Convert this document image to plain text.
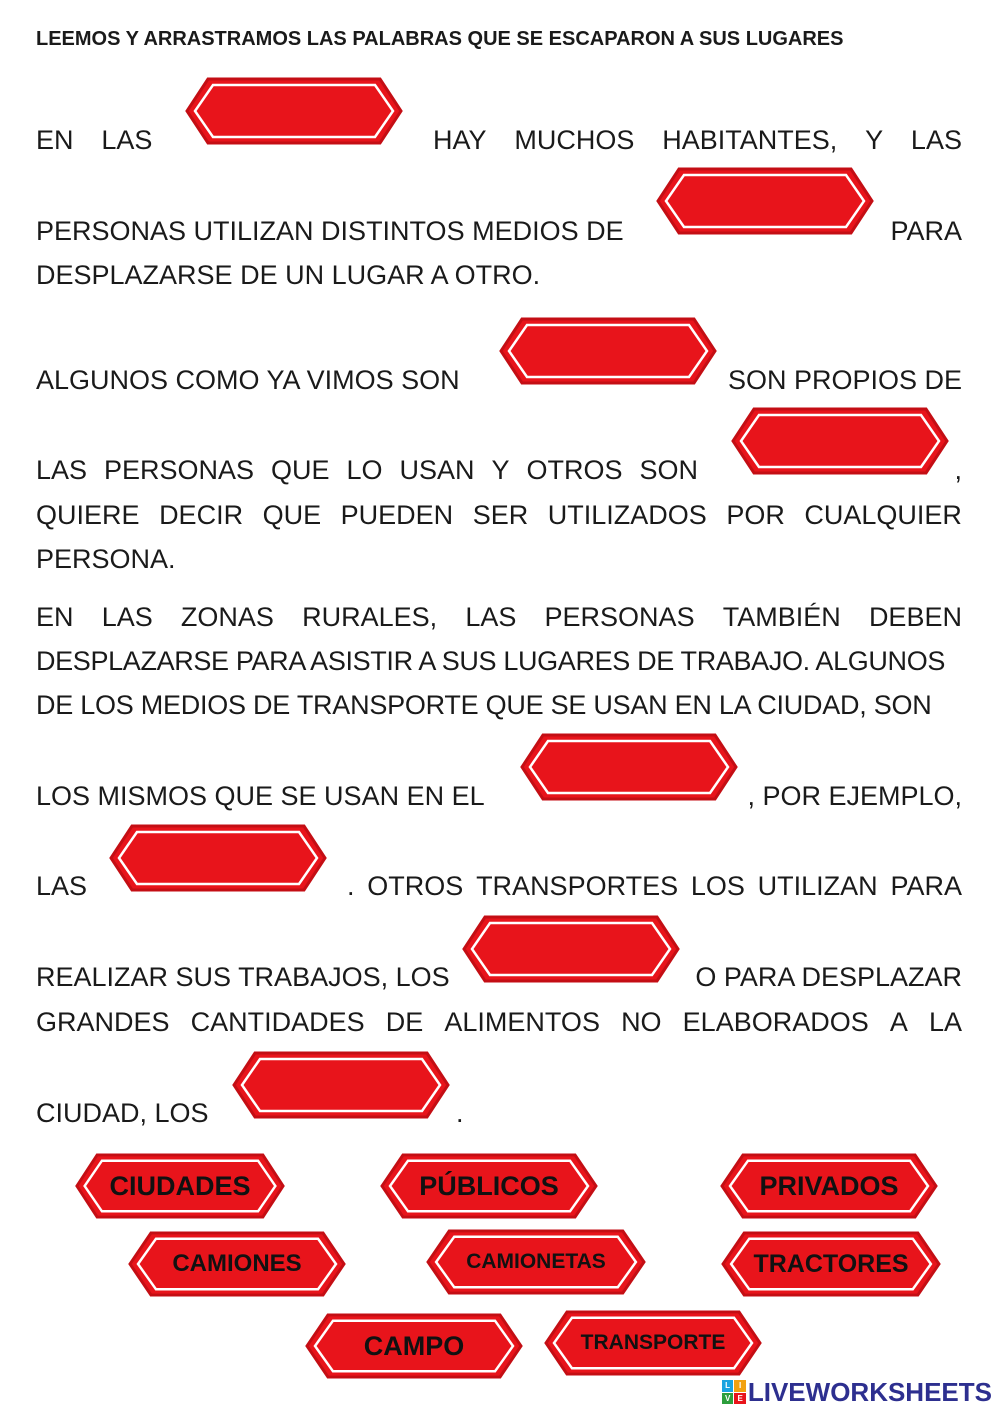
LEEMOS Y ARRASTRAMOS LAS PALABRAS QUE SE ESCAPARON A SUS LUGARES
EN LAS	HAY MUCHOS HABITANTES, Y LAS
PERSONAS UTILIZAN DISTINTOS MEDIOS DE	PARA
DESPLAZARSE DE UN LUGAR A OTRO.
ALGUNOS COMO YA VIMOS SON	SON PROPIOS DE
LAS PERSONAS QUE LO USAN Y OTROS SON	,
QUIERE DECIR QUE PUEDEN SER UTILIZADOS POR CUALQUIER
PERSONA.
EN LAS ZONAS RURALES, LAS PERSONAS TAMBIÉN DEBEN
DESPLAZARSE PARA ASISTIR A SUS LUGARES DE TRABAJO. ALGUNOS
DE LOS MEDIOS DE TRANSPORTE QUE SE USAN EN LA CIUDAD, SON
LOS MISMOS QUE SE USAN EN EL	, POR EJEMPLO,
LAS	. OTROS TRANSPORTES LOS UTILIZAN PARA
REALIZAR SUS TRABAJOS, LOS	O PARA DESPLAZAR
GRANDES CANTIDADES DE ALIMENTOS NO ELABORADOS A LA
CIUDAD, LOS	.
CIUDADES	PÚBLICOS	PRIVADOS
CAMIONES	CAMIONETAS	TRACTORES
CAMPO	TRANSPORTE
L	I
V E LIVEWORKSHEETS
